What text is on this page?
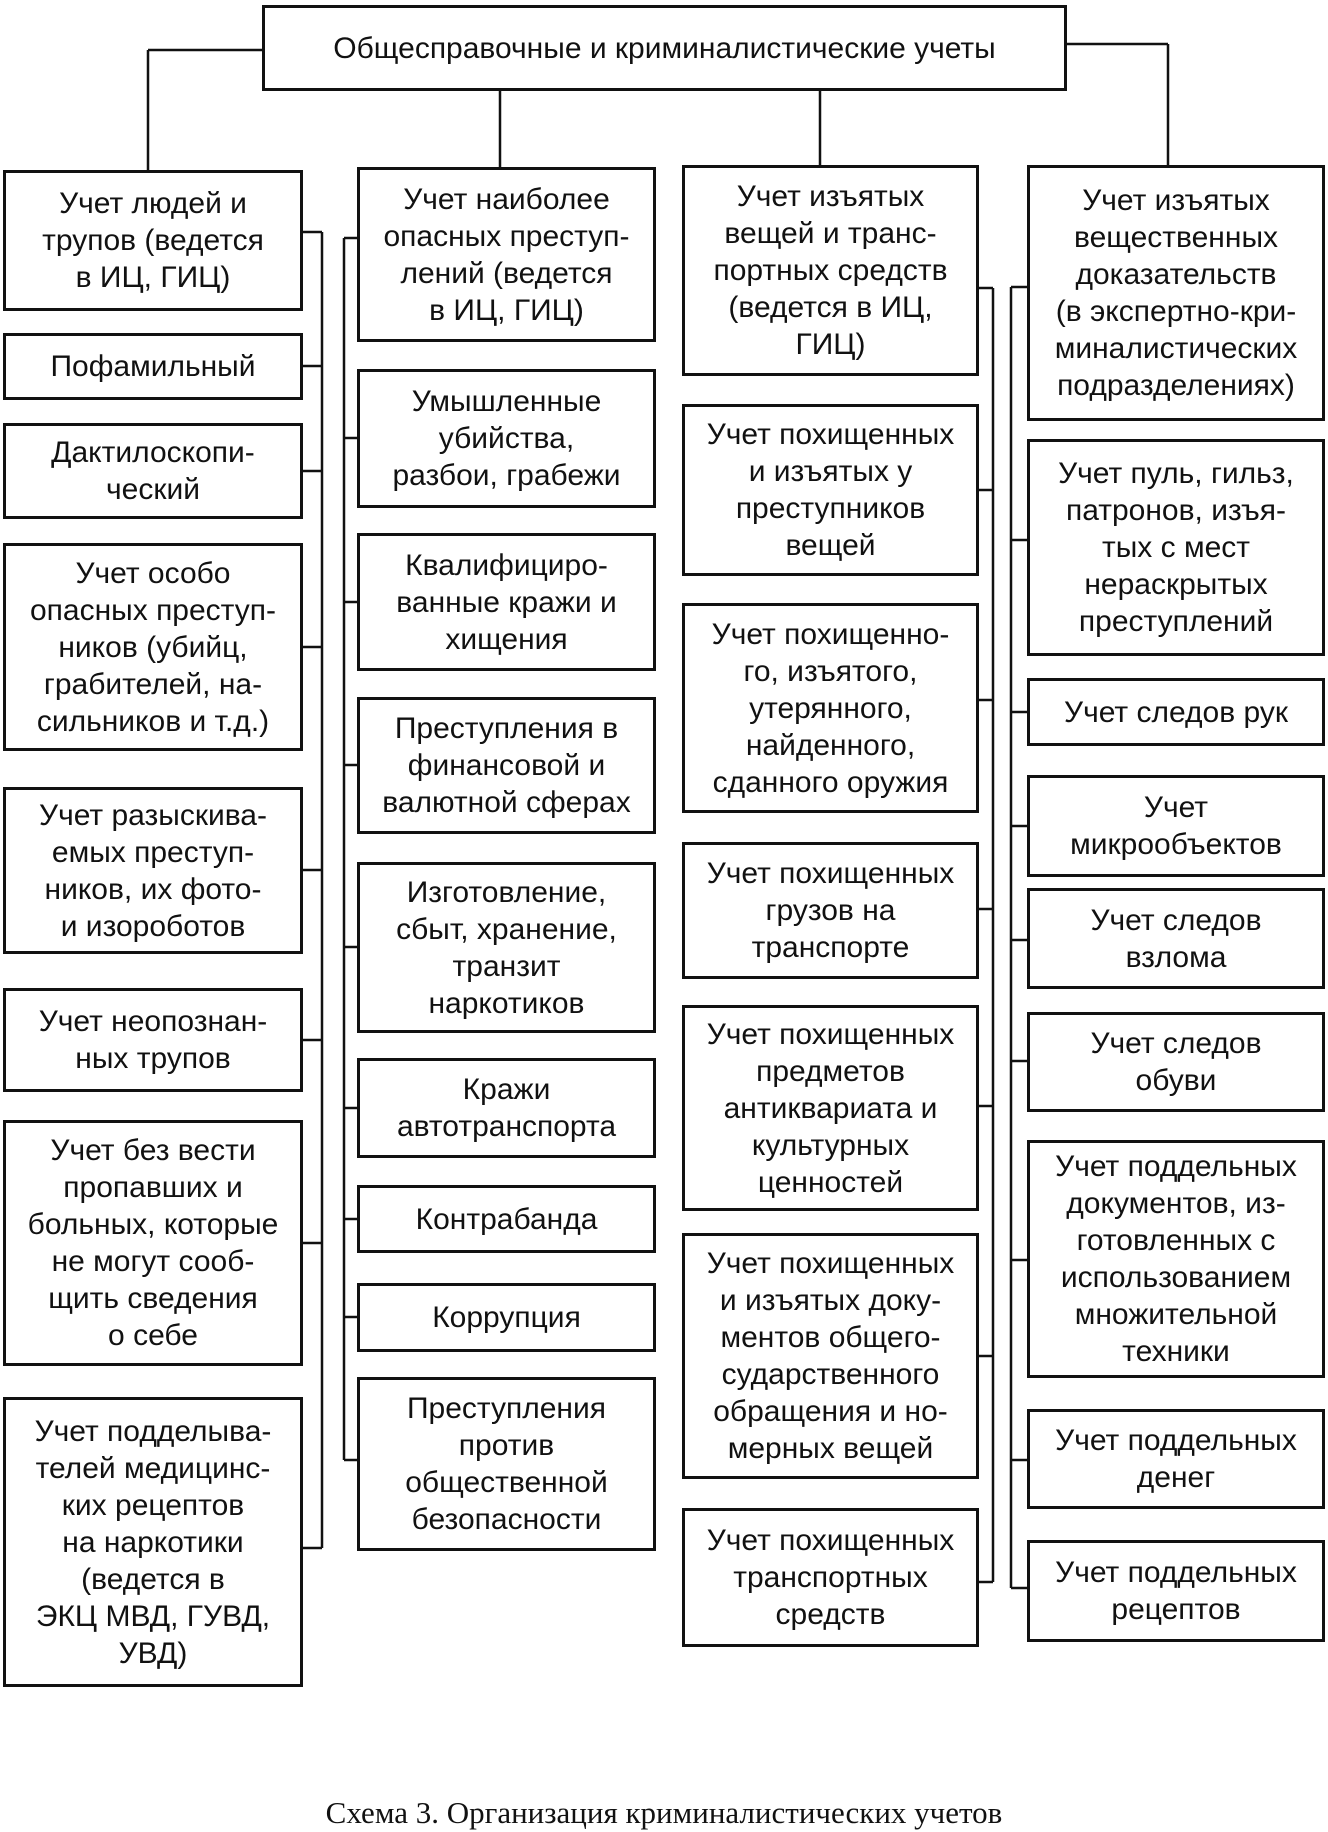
Общесправочные и криминалистические учеты
Учет людей и
трупов (ведется
в ИЦ, ГИЦ)
Пофамильный
Дактилоскопи-
ческий
Учет особо
опасных преступ-
ников (убийц,
грабителей, на-
сильников и т.д.)
Учет разыскива-
емых преступ-
ников, их фото-
и изороботов
Учет неопознан-
ных трупов
Учет без вести
пропавших и
больных, которые
не могут сооб-
щить сведения
о себе
Учет подделыва-
телей медицинс-
ких рецептов
на наркотики
(ведется в
ЭКЦ МВД, ГУВД,
УВД)
Учет наиболее
опасных преступ-
лений (ведется
в ИЦ, ГИЦ)
Умышленные
убийства,
разбои, грабежи
Квалифициро-
ванные кражи и
хищения
Преступления в
финансовой и
валютной сферах
Изготовление,
сбыт, хранение,
транзит
наркотиков
Кражи
автотранспорта
Контрабанда
Коррупция
Преступления
против
общественной
безопасности
Учет изъятых
вещей и транс-
портных средств
(ведется в ИЦ,
ГИЦ)
Учет похищенных
и изъятых у
преступников
вещей
Учет похищенно-
го, изъятого,
утерянного,
найденного,
сданного оружия
Учет похищенных
грузов на
транспорте
Учет похищенных
предметов
антиквариата и
культурных
ценностей
Учет похищенных
и изъятых доку-
ментов общего-
сударственного
обращения и но-
мерных вещей
Учет похищенных
транспортных
средств
Учет изъятых
вещественных
доказательств
(в экспертно-кри-
миналистических
подразделениях)
Учет пуль, гильз,
патронов, изъя-
тых с мест
нераскрытых
преступлений
Учет следов рук
Учет
микрообъектов
Учет следов
взлома
Учет следов
обуви
Учет поддельных
документов, из-
готовленных с
использованием
множительной
техники
Учет поддельных
денег
Учет поддельных
рецептов
Схема 3. Организация криминалистических учетов
